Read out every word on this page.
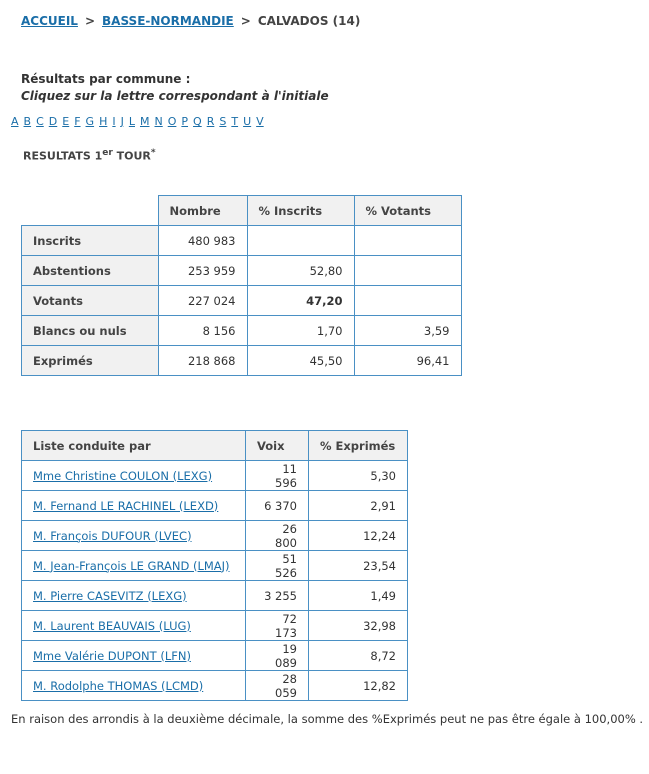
ACCUEIL > BASSE-NORMANDIE > CALVADOS (14)
Résultats par commune :
Cliquez sur la lettre correspondant à l'initiale
A B C D E F G H I J L M N O P Q R S T U V
RESULTATS 1er TOUR*
	Nombre	% Inscrits	% Votants
Inscrits	480 983		
Abstentions	253 959	52,80	
Votants	227 024	47,20	
Blancs ou nuls	8 156	1,70	3,59
Exprimés	218 868	45,50	96,41
Liste conduite par	Voix	% Exprimés
Mme Christine COULON (LEXG)	11 596	5,30
M. Fernand LE RACHINEL (LEXD)	6 370	2,91
M. François DUFOUR (LVEC)	26 800	12,24
M. Jean-François LE GRAND (LMAJ)	51 526	23,54
M. Pierre CASEVITZ (LEXG)	3 255	1,49
M. Laurent BEAUVAIS (LUG)	72 173	32,98
Mme Valérie DUPONT (LFN)	19 089	8,72
M. Rodolphe THOMAS (LCMD)	28 059	12,82
En raison des arrondis à la deuxième décimale, la somme des %Exprimés peut ne pas être égale à 100,00% .
